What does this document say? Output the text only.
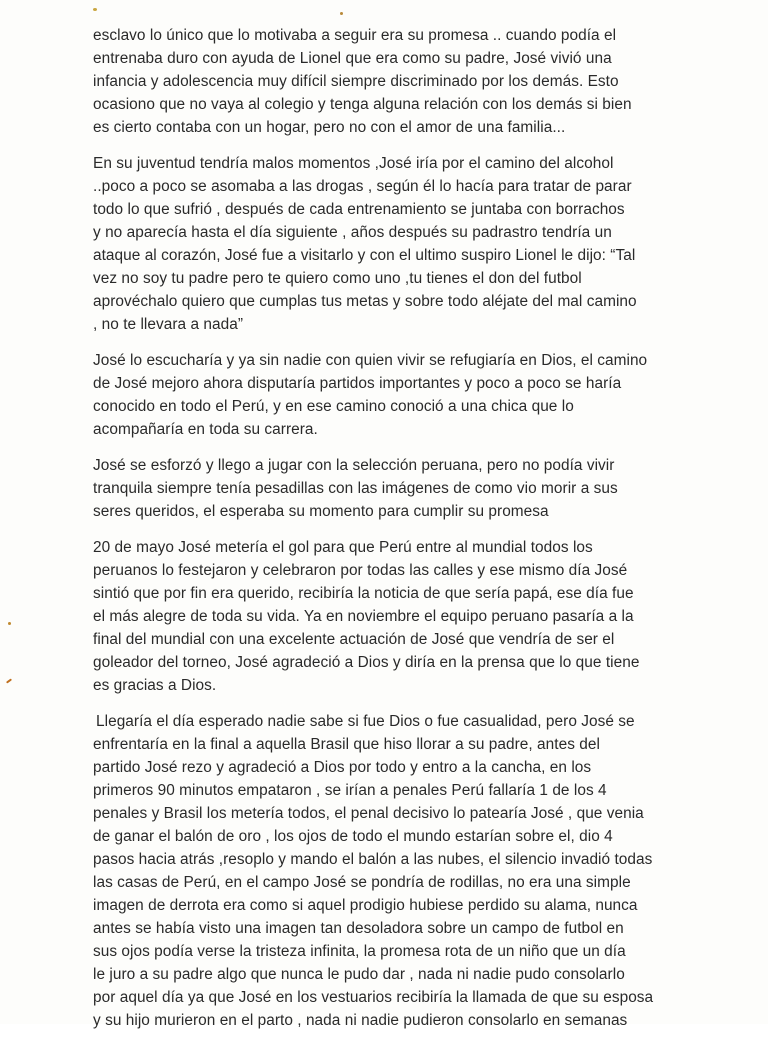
esclavo lo único que lo motivaba a seguir era su promesa .. cuando podía el
entrenaba duro con ayuda de Lionel que era como su padre, José vivió una
infancia y adolescencia muy difícil siempre discriminado por los demás. Esto
ocasiono que no vaya al colegio y tenga alguna relación con los demás si bien
es cierto contaba con un hogar, pero no con el amor de una familia...

En su juventud tendría malos momentos ,José iría por el camino del alcohol
..poco a poco se asomaba a las drogas , según él lo hacía para tratar de parar
todo lo que sufrió , después de cada entrenamiento se juntaba con borrachos
y no aparecía hasta el día siguiente , años después su padrastro tendría un
ataque al corazón, José fue a visitarlo y con el ultimo suspiro Lionel le dijo: “Tal
vez no soy tu padre pero te quiero como uno ,tu tienes el don del futbol
aprovéchalo quiero que cumplas tus metas y sobre todo aléjate del mal camino
, no te llevara a nada”

José lo escucharía y ya sin nadie con quien vivir se refugiaría en Dios, el camino
de José mejoro ahora disputaría partidos importantes y poco a poco se haría
conocido en todo el Perú, y en ese camino conoció a una chica que lo
acompañaría en toda su carrera.

José se esforzó y llego a jugar con la selección peruana, pero no podía vivir
tranquila siempre tenía pesadillas con las imágenes de como vio morir a sus
seres queridos, el esperaba su momento para cumplir su promesa

20 de mayo José metería el gol para que Perú entre al mundial todos los
peruanos lo festejaron y celebraron por todas las calles y ese mismo día José
sintió que por fin era querido, recibiría la noticia de que sería papá, ese día fue
el más alegre de toda su vida. Ya en noviembre el equipo peruano pasaría a la
final del mundial con una excelente actuación de José que vendría de ser el
goleador del torneo, José agradeció a Dios y diría en la prensa que lo que tiene
es gracias a Dios.

Llegaría el día esperado nadie sabe si fue Dios o fue casualidad, pero José se
enfrentaría en la final a aquella Brasil que hiso llorar a su padre, antes del
partido José rezo y agradeció a Dios por todo y entro a la cancha, en los
primeros 90 minutos empataron , se irían a penales Perú fallaría 1 de los 4
penales y Brasil los metería todos, el penal decisivo lo patearía José , que venia
de ganar el balón de oro , los ojos de todo el mundo estarían sobre el, dio 4
pasos hacia atrás ,resoplo y mando el balón a las nubes, el silencio invadió todas
las casas de Perú, en el campo José se pondría de rodillas, no era una simple
imagen de derrota era como si aquel prodigio hubiese perdido su alama, nunca
antes se había visto una imagen tan desoladora sobre un campo de futbol en
sus ojos podía verse la tristeza infinita, la promesa rota de un niño que un día
le juro a su padre algo que nunca le pudo dar , nada ni nadie pudo consolarlo
por aquel día ya que José en los vestuarios recibiría la llamada de que su esposa
y su hijo murieron en el parto , nada ni nadie pudieron consolarlo en semanas
